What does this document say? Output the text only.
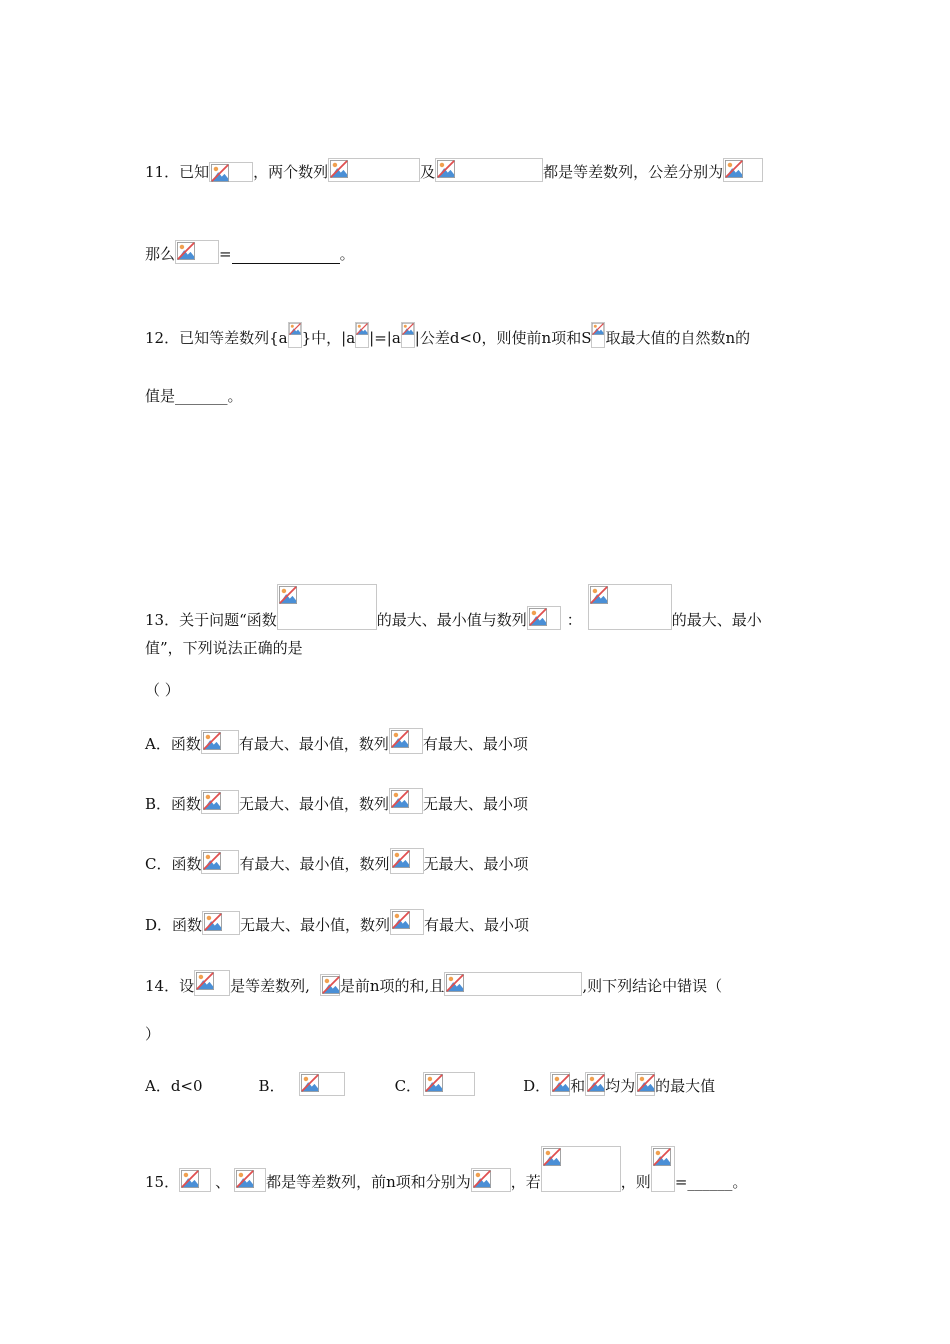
11．已知	，两个数列	及	都是等差数列，公差分别为
那么	=	。
12．已知等差数列{a }中，|a |=|a |公差d<0，则使前n项和S 取最大值的自然数n的
值是_______。
13．关于问题“函数	的最大、最小值与数列	：	的最大、最小
值”，下列说法正确的是
（ ）
A．函数	有最大、最小值，数列 有最大、最小项
B．函数	无最大、最小值，数列 无最大、最小项
C．函数	有最大、最小值，数列 无最大、最小项
D．函数	无最大、最小值，数列 有最大、最小项
14．设 是等差数列, 是前n项的和,且	,则下列结论中错误（
）
A．d<0	B．	C．	D． 和 均为 的最大值
15． 、 都是等差数列，前n项和分别为	，若	，则 =______。
